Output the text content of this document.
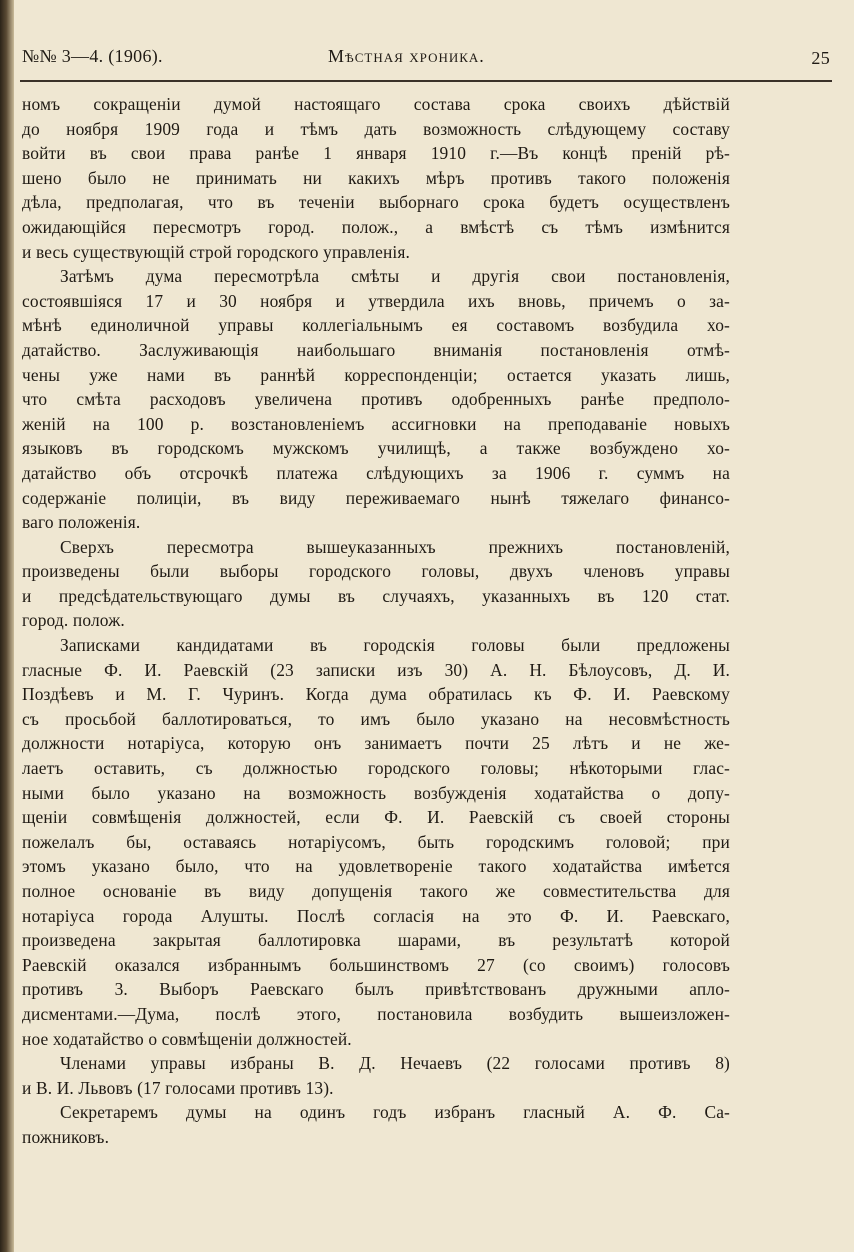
№№ 3—4. (1906).	Мѣстная хроника.	25
номъ сокращенiи думой настоящаго состава срока своихъ дѣйствiй
до ноября 1909 года и тѣмъ дать возможность слѣдующему составу
войти въ свои права ранѣе 1 января 1910 г.—Въ концѣ пренiй рѣ-
шено было не принимать ни какихъ мѣръ противъ такого положенiя
дѣла, предполагая, что въ теченiи выборнаго срока будетъ осуществленъ
ожидающiйся пересмотръ город. полож., а вмѣстѣ съ тѣмъ измѣнится
и весь существующiй строй городского управленiя.
Затѣмъ дума пересмотрѣла смѣты и другiя свои постановленiя,
состоявшiяся 17 и 30 ноября и утвердила ихъ вновь, причемъ о за-
мѣнѣ единоличной управы коллегiальнымъ ея составомъ возбудила хо-
датайство. Заслуживающiя наибольшаго вниманiя постановленiя отмѣ-
чены уже нами въ раннѣй корреспонденцiи; остается указать лишь,
что смѣта расходовъ увеличена противъ одобренныхъ ранѣе предполо-
женiй на 100 р. возстановленiемъ ассигновки на преподаванiе новыхъ
языковъ въ городскомъ мужскомъ училищѣ, а также возбуждено хо-
датайство объ отсрочкѣ платежа слѣдующихъ за 1906 г. суммъ на
содержанiе полицiи, въ виду переживаемаго нынѣ тяжелаго финансо-
ваго положенiя.
Сверхъ пересмотра вышеуказанныхъ прежнихъ постановленiй,
произведены были выборы городского головы, двухъ членовъ управы
и предсѣдательствующаго думы въ случаяхъ, указанныхъ въ 120 стат.
город. полож.
Записками кандидатами въ городскiя головы были предложены
гласные Ф. И. Раевскiй (23 записки изъ 30) А. Н. Бѣлоусовъ, Д. И.
Поздѣевъ и М. Г. Чуринъ. Когда дума обратилась къ Ф. И. Раевскому
съ просьбой баллотироваться, то имъ было указано на несовмѣстность
должности нотарiуса, которую онъ занимаетъ почти 25 лѣтъ и не же-
лаетъ оставить, съ должностью городского головы; нѣкоторыми глас-
ными было указано на возможность возбужденiя ходатайства о допу-
щенiи совмѣщенiя должностей, если Ф. И. Раевскiй съ своей стороны
пожелалъ бы, оставаясь нотарiусомъ, быть городскимъ головой; при
этомъ указано было, что на удовлетворенiе такого ходатайства имѣется
полное основанiе въ виду допущенiя такого же совместительства для
нотарiуса города Алушты. Послѣ согласiя на это Ф. И. Раевскаго,
произведена закрытая баллотировка шарами, въ результатѣ которой
Раевскiй оказался избраннымъ большинствомъ 27 (со своимъ) голосовъ
противъ 3. Выборъ Раевскаго былъ привѣтствованъ дружными апло-
дисментами.—Дума, послѣ этого, постановила возбудить вышеизложен-
ное ходатайство о совмѣщенiи должностей.
Членами управы избраны В. Д. Нечаевъ (22 голосами противъ 8)
и В. И. Львовъ (17 голосами противъ 13).
Секретаремъ думы на одинъ годъ избранъ гласный А. Ф. Са-
пожниковъ.
